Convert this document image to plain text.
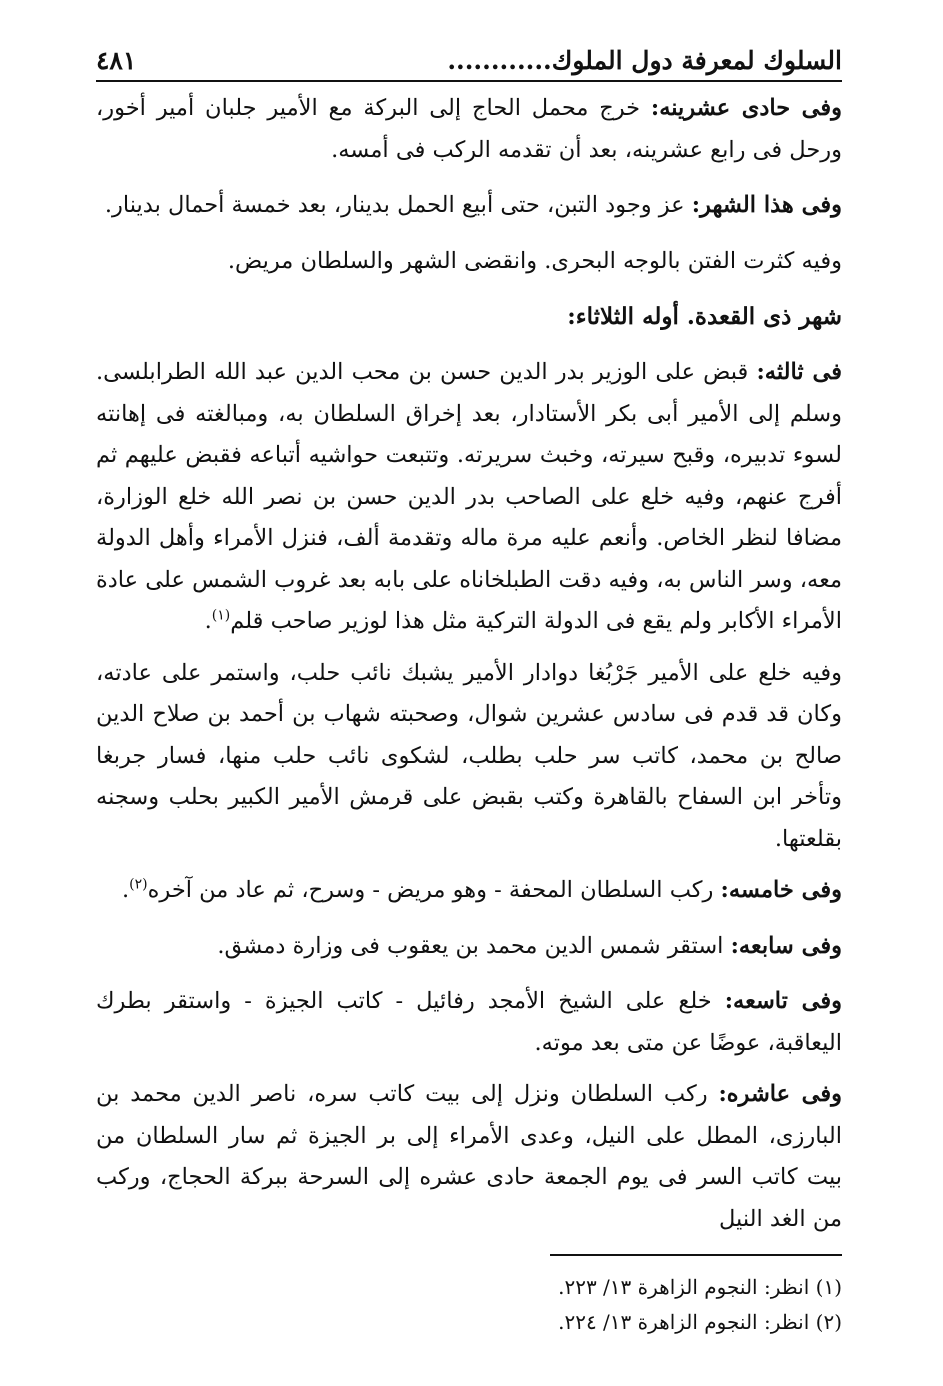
السلوك لمعرفة دول الملوك............
٤٨١

وفى حادى عشرينه: خرج محمل الحاج إلى البركة مع الأمير جلبان أمير أخور، ورحل فى رابع عشرينه، بعد أن تقدمه الركب فى أمسه.

وفى هذا الشهر: عز وجود التبن، حتى أبيع الحمل بدينار، بعد خمسة أحمال بدينار.

وفيه كثرت الفتن بالوجه البحرى. وانقضى الشهر والسلطان مريض.

شهر ذى القعدة. أوله الثلاثاء:

فى ثالثه: قبض على الوزير بدر الدين حسن بن محب الدين عبد الله الطرابلسى. وسلم إلى الأمير أبى بكر الأستادار، بعد إخراق السلطان به، ومبالغته فى إهانته لسوء تدبيره، وقبح سيرته، وخبث سريرته. وتتبعت حواشيه أتباعه فقبض عليهم ثم أفرج عنهم، وفيه خلع على الصاحب بدر الدين حسن بن نصر الله خلع الوزارة، مضافا لنظر الخاص. وأنعم عليه مرة ماله وتقدمة ألف، فنزل الأمراء وأهل الدولة معه، وسر الناس به، وفيه دقت الطبلخاناه على بابه بعد غروب الشمس على عادة الأمراء الأكابر ولم يقع فى الدولة التركية مثل هذا لوزير صاحب قلم$^{(١)}$.

وفيه خلع على الأمير جَرْبُغا دوادار الأمير يشبك نائب حلب، واستمر على عادته، وكان قد قدم فى سادس عشرين شوال، وصحبته شهاب بن أحمد بن صلاح الدين صالح بن محمد، كاتب سر حلب بطلب، لشكوى نائب حلب منها، فسار جربغا وتأخر ابن السفاح بالقاهرة وكتب بقبض على قرمش الأمير الكبير بحلب وسجنه بقلعتها.

وفى خامسه: ركب السلطان المحفة - وهو مريض - وسرح، ثم عاد من آخره$^{(٢)}$.

وفى سابعه: استقر شمس الدين محمد بن يعقوب فى وزارة دمشق.

وفى تاسعه: خلع على الشيخ الأمجد رفائيل - كاتب الجيزة - واستقر بطرك اليعاقبة، عوضًا عن متى بعد موته.

وفى عاشره: ركب السلطان ونزل إلى بيت كاتب سره، ناصر الدين محمد بن البارزى، المطل على النيل، وعدى الأمراء إلى بر الجيزة ثم سار السلطان من بيت كاتب السر فى يوم الجمعة حادى عشره إلى السرحة ببركة الحجاج، وركب من الغد النيل

(١) انظر: النجوم الزاهرة ١٣/ ٢٢٣.
(٢) انظر: النجوم الزاهرة ١٣/ ٢٢٤.
